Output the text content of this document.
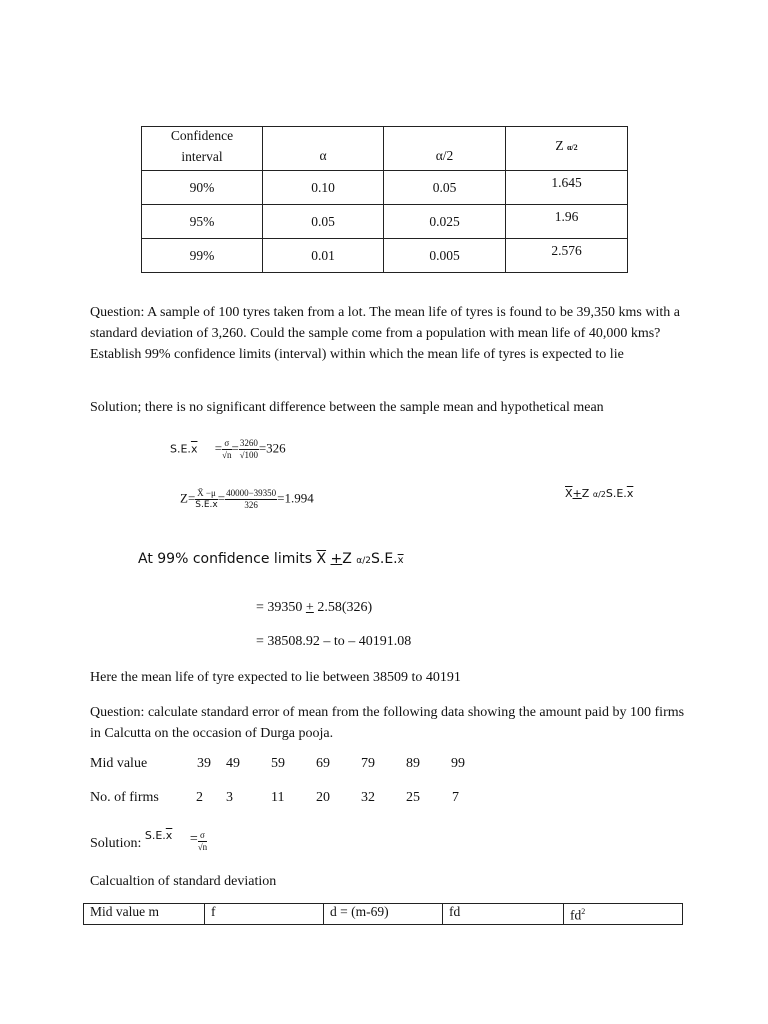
Confidence interval	α	α/2	Z α/2

90%	0.10	0.05	1.645

95%	0.05	0.025	1.96

99%	0.01	0.005	2.576
Question: A sample of 100 tyres taken from a lot. The mean life of tyres is found to be 39,350 kms with a standard deviation of 3,260. Could the sample come from a population with mean life of 40,000 kms? Establish 99% confidence limits (interval) within which the mean life of tyres is expected to lie
Solution; there is no significant difference between the sample mean and hypothetical mean
$S.E.\overline{x} = \frac{\sigma}{√n} = \frac{3260}{√100} =326$
$Z= \frac{X̄ -\mu}{S.E.\overline{x}} = \frac{40000-39350}{326} =1.994$	$\overline{X}+Z$ $\alpha/2S.E.\overline{x}$
At 99% confidence limits $\overline{X} +Z$ $\alpha/2S.E.\overline{x}$
= 39350 + 2.58(326)
= 38508.92 – to – 40191.08
Here the mean life of tyre expected to lie between 38509 to 40191
Question: calculate standard error of mean from the following data showing the amount paid by 100 firms in Calcutta on the occasion of Durga pooja.
Mid value	39 49 59 69 79 89 99
No. of firms	2 3	11 20 32 25 7
Solution: $^{S.E.\overline{x}} = \frac{\sigma}{√n}$
Calcualtion of standard deviation
Mid value m	f	d = (m-69)	fd	$fd^2$
